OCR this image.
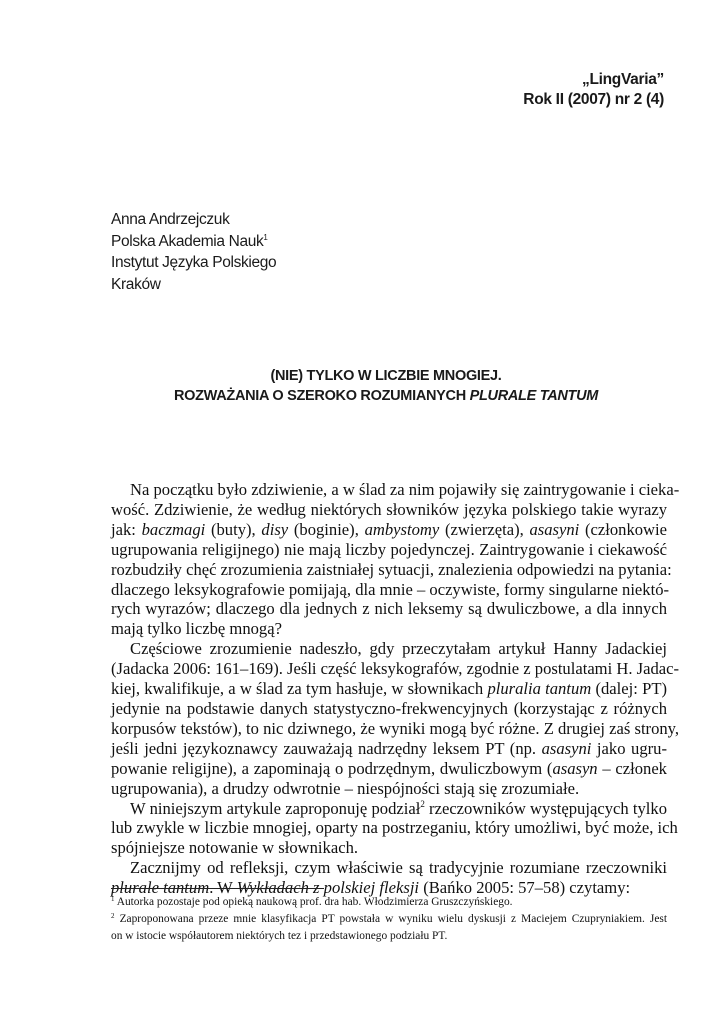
„LingVaria”
Rok II (2007) nr 2 (4)
Anna Andrzejczuk
Polska Akademia Nauk$^1$
Instytut Języka Polskiego
Kraków
(NIE) TYLKO W LICZBIE MNOGIEJ.
ROZWAŻANIA O SZEROKO ROZUMIANYCH PLURALE TANTUM

Na początku było zdziwienie, a w ślad za nim pojawiły się zaintrygowanie i cieka-
wość. Zdziwienie, że według niektórych słowników języka polskiego takie wyrazy
jak: baczmagi (buty), disy (boginie), ambystomy (zwierzęta), asasyni (członkowie
ugrupowania religijnego) nie mają liczby pojedynczej. Zaintrygowanie i ciekawość
rozbudziły chęć zrozumienia zaistniałej sytuacji, znalezienia odpowiedzi na pytania:
dlaczego leksykografowie pomijają, dla mnie – oczywiste, formy singularne niektó-
rych wyrazów; dlaczego dla jednych z nich leksemy są dwuliczbowe, a dla innych
mają tylko liczbę mnogą?

Częściowe zrozumienie nadeszło, gdy przeczytałam artykuł Hanny Jadackiej
(Jadacka 2006: 161–169). Jeśli część leksykografów, zgodnie z postulatami H. Jadac-
kiej, kwalifikuje, a w ślad za tym hasłuje, w słownikach pluralia tantum (dalej: PT)
jedynie na podstawie danych statystyczno-frekwencyjnych (korzystając z różnych
korpusów tekstów), to nic dziwnego, że wyniki mogą być różne. Z drugiej zaś strony,
jeśli jedni językoznawcy zauważają nadrzędny leksem PT (np. asasyni jako ugru-
powanie religijne), a zapominają o podrzędnym, dwuliczbowym (asasyn – członek
ugrupowania), a drudzy odwrotnie – niespójności stają się zrozumiałe.

W niniejszym artykule zaproponuję podział$^2$ rzeczowników występujących tylko
lub zwykle w liczbie mnogiej, oparty na postrzeganiu, który umożliwi, być może, ich
spójniejsze notowanie w słownikach.

Zacznijmy od refleksji, czym właściwie są tradycyjnie rozumiane rzeczowniki
plurale tantum. W Wykładach z polskiej fleksji (Bańko 2005: 57–58) czytamy:

$^1$ Autorka pozostaje pod opieką naukową prof. dra hab. Włodzimierza Gruszczyńskiego.
$^2$ Zaproponowana przeze mnie klasyfikacja PT powstała w wyniku wielu dyskusji z Maciejem Czupryniakiem. Jest
on w istocie współautorem niektórych tez i przedstawionego podziału PT.
